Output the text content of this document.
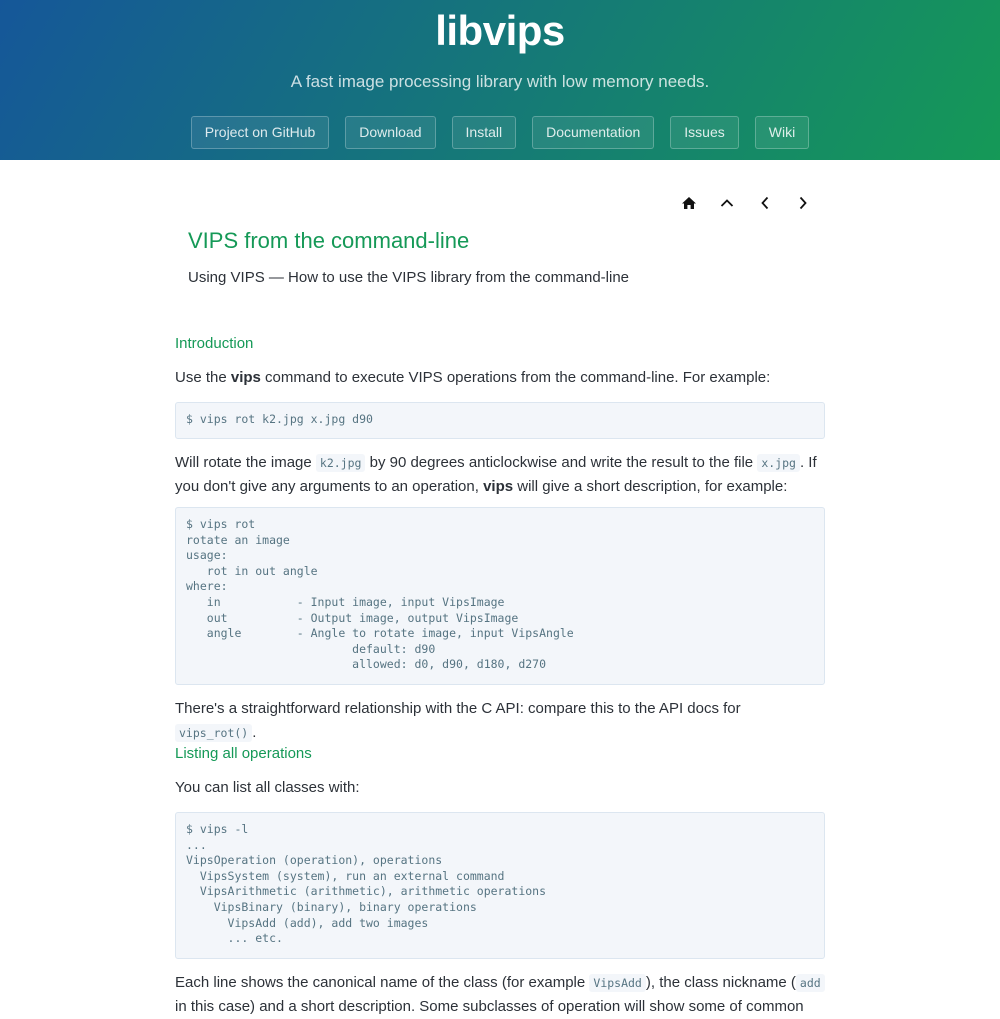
libvips
A fast image processing library with low memory needs.
Project on GitHub	Download	Install	Documentation	Issues	Wiki
VIPS from the command-line
Using VIPS — How to use the VIPS library from the command-line
Introduction

Use the vips command to execute VIPS operations from the command-line. For example:

$ vips rot k2.jpg x.jpg d90

Will rotate the image k2.jpg by 90 degrees anticlockwise and write the result to the file x.jpg . If you don't give any arguments to an operation, vips will give a short description, for example:

$ vips rot
rotate an image
usage:
rot in out angle
where:
in           - Input image, input VipsImage
out          - Output image, output VipsImage
angle        - Angle to rotate image, input VipsAngle
default: d90
allowed: d0, d90, d180, d270

There's a straightforward relationship with the C API: compare this to the API docs for vips_rot() .

Listing all operations

You can list all classes with:

$ vips -l
...
VipsOperation (operation), operations
VipsSystem (system), run an external command
VipsArithmetic (arithmetic), arithmetic operations
VipsBinary (binary), binary operations
VipsAdd (add), add two images
... etc.

Each line shows the canonical name of the class (for example VipsAdd ), the class nickname ( add in this case) and a short description. Some subclasses of operation will show some of common
